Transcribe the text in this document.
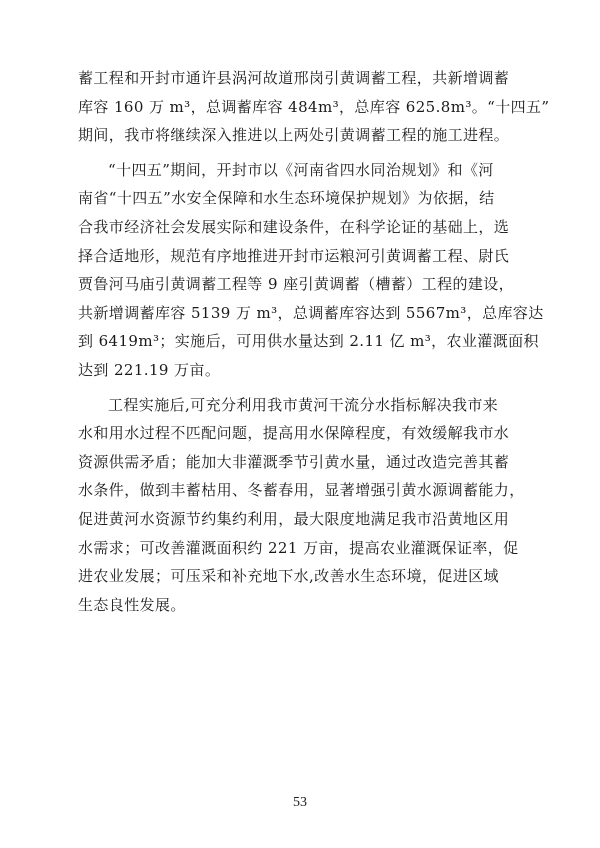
蓄工程和开封市通许县涡河故道邢岗引黄调蓄工程，共新增调蓄
库容 160 万 m³，总调蓄库容 484m³，总库容 625.8m³。“十四五”
期间，我市将继续深入推进以上两处引黄调蓄工程的施工进程。

“十四五”期间，开封市以《河南省四水同治规划》和《河
南省“十四五”水安全保障和水生态环境保护规划》为依据，结
合我市经济社会发展实际和建设条件，在科学论证的基础上，选
择合适地形，规范有序地推进开封市运粮河引黄调蓄工程、尉氏
贾鲁河马庙引黄调蓄工程等 9 座引黄调蓄（槽蓄）工程的建设，
共新增调蓄库容 5139 万 m³，总调蓄库容达到 5567m³，总库容达
到 6419m³；实施后，可用供水量达到 2.11 亿 m³，农业灌溉面积
达到 221.19 万亩。

工程实施后,可充分利用我市黄河干流分水指标解决我市来
水和用水过程不匹配问题，提高用水保障程度，有效缓解我市水
资源供需矛盾；能加大非灌溉季节引黄水量，通过改造完善其蓄
水条件，做到丰蓄枯用、冬蓄春用，显著增强引黄水源调蓄能力，
促进黄河水资源节约集约利用，最大限度地满足我市沿黄地区用
水需求；可改善灌溉面积约 221 万亩，提高农业灌溉保证率，促
进农业发展；可压采和补充地下水,改善水生态环境，促进区域
生态良性发展。

53
